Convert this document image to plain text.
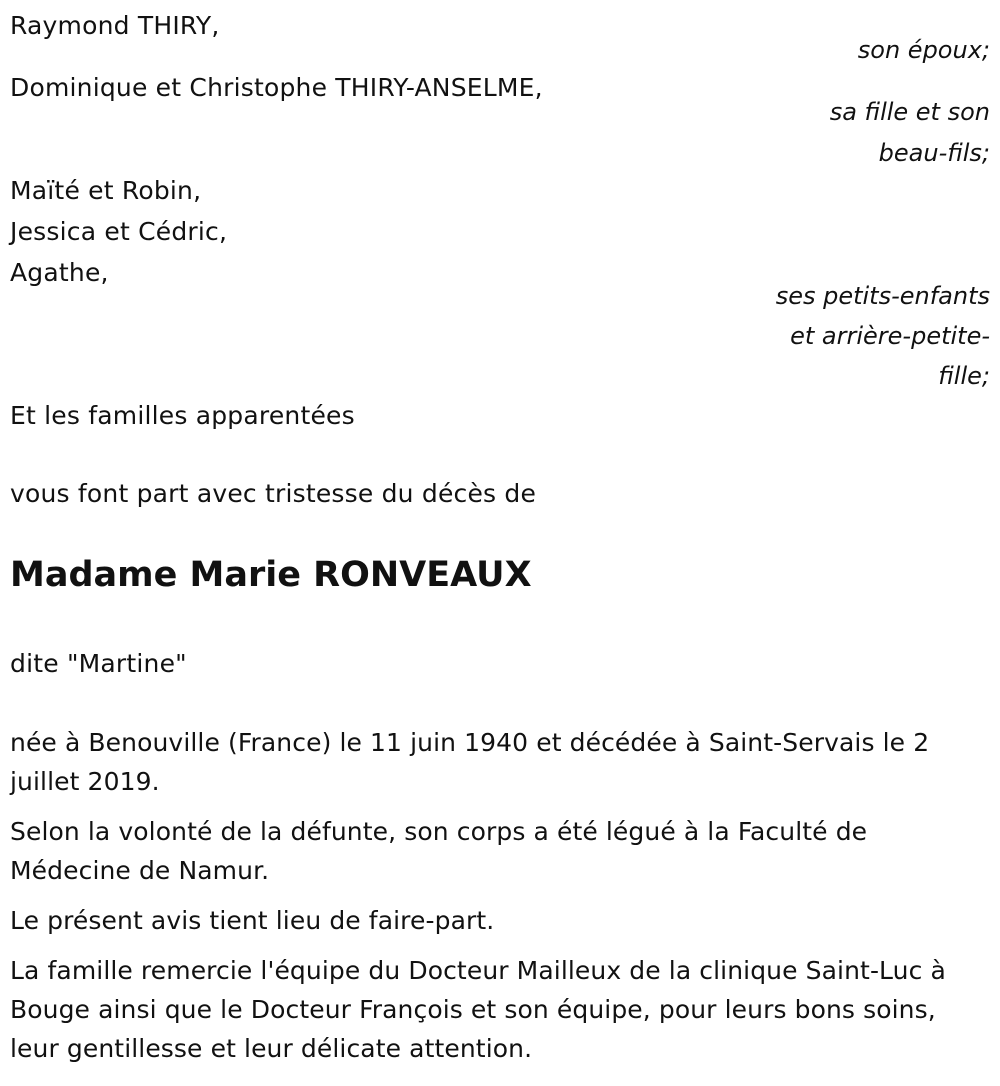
Raymond THIRY,
son époux;
Dominique et Christophe THIRY-ANSELME,
sa fille et son
beau-fils;
Maïté et Robin,
Jessica et Cédric,
Agathe,
ses petits-enfants
et arrière-petite-
fille;
Et les familles apparentées
vous font part avec tristesse du décès de
Madame Marie RONVEAUX
dite "Martine"
née à Benouville (France) le 11 juin 1940 et décédée à Saint-Servais le 2 juillet 2019.
Selon la volonté de la défunte, son corps a été légué à la Faculté de Médecine de Namur.
Le présent avis tient lieu de faire-part.
La famille remercie l'équipe du Docteur Mailleux de la clinique Saint-Luc à Bouge ainsi que le Docteur François et son équipe, pour leurs bons soins, leur gentillesse et leur délicate attention.
